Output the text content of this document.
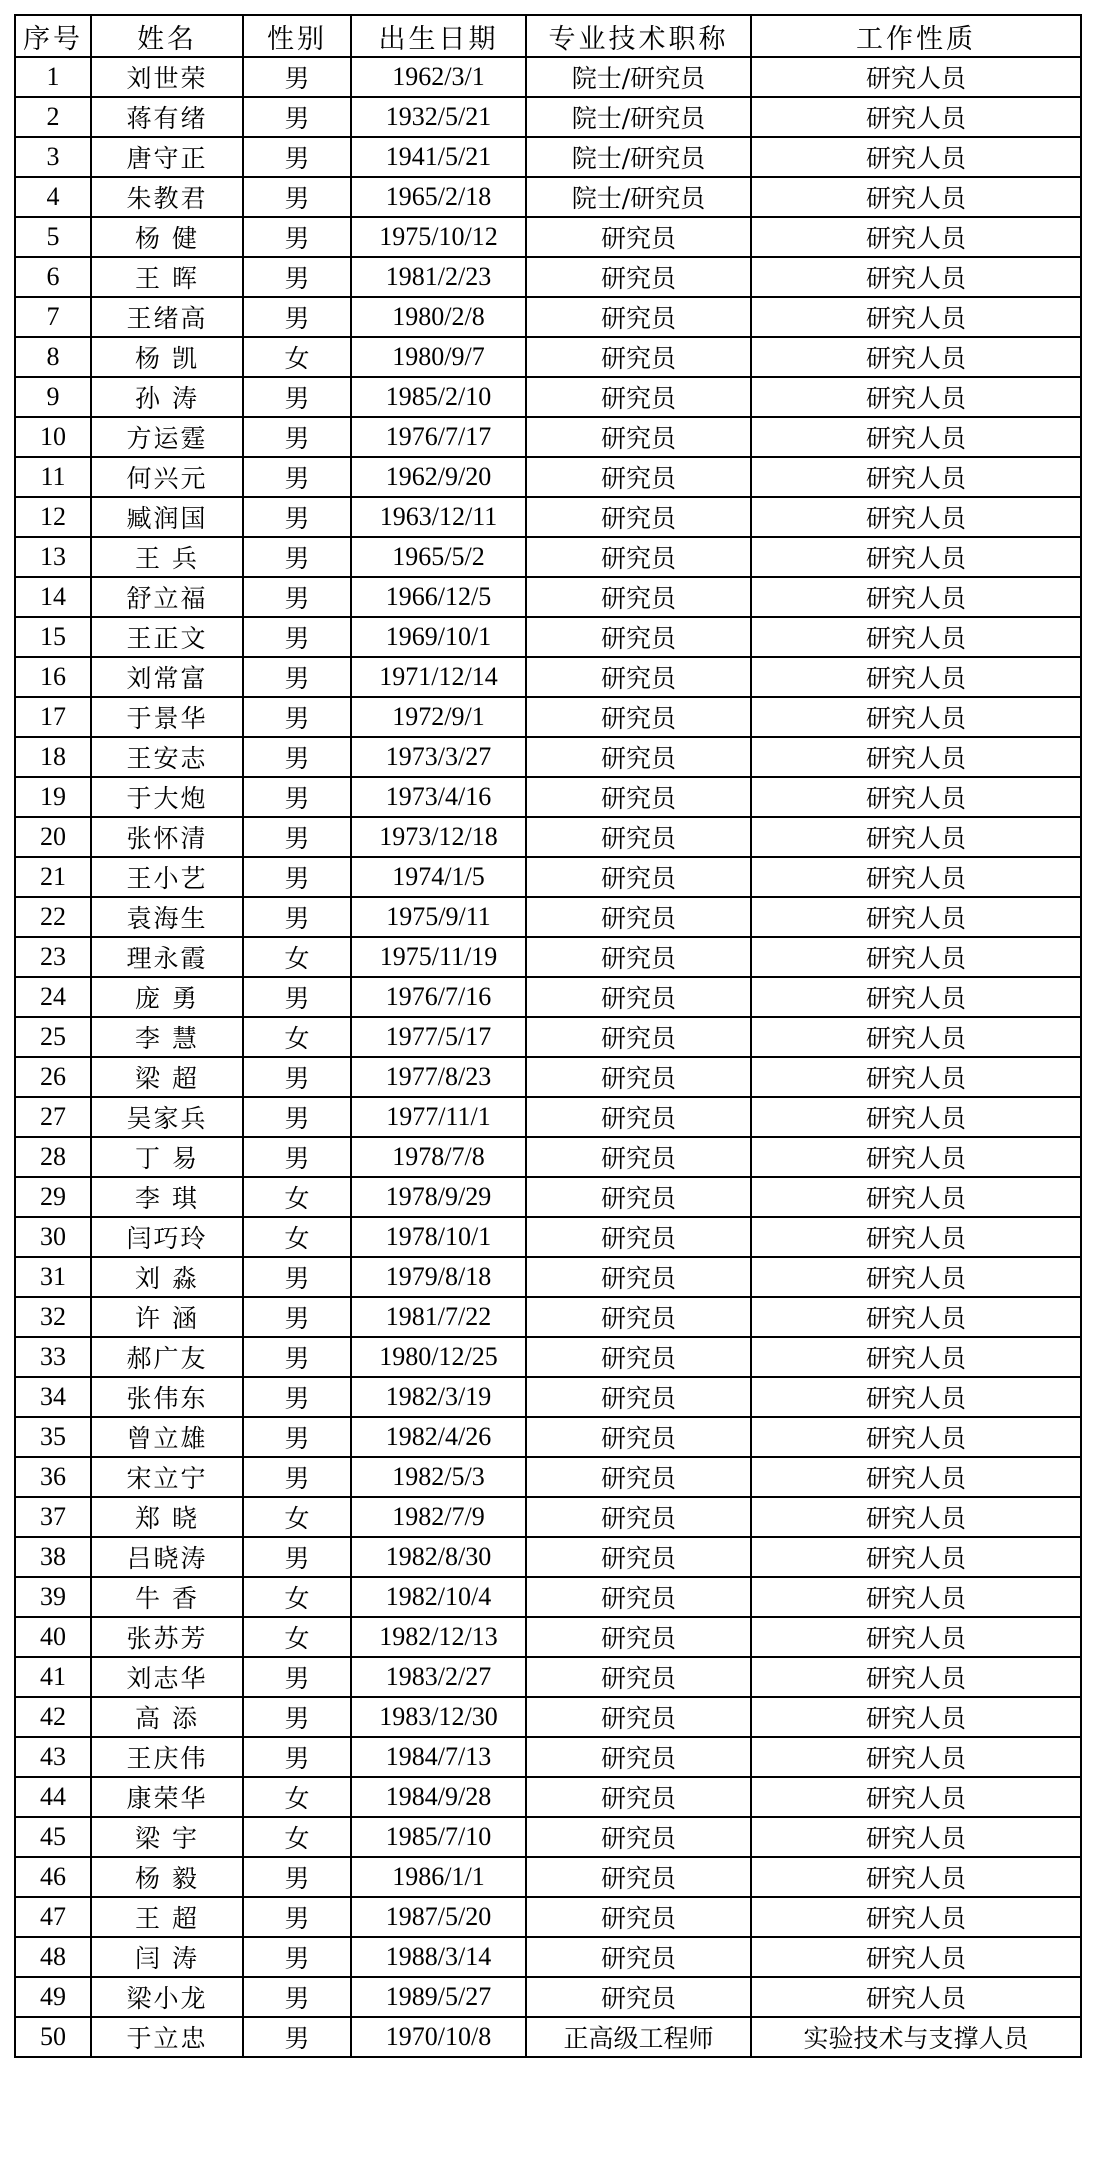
序号	姓名	性别	出生日期	专业技术职称	工作性质
1	刘世荣	男	1962/3/1	院士/研究员	研究人员
2	蒋有绪	男	1932/5/21	院士/研究员	研究人员
3	唐守正	男	1941/5/21	院士/研究员	研究人员
4	朱教君	男	1965/2/18	院士/研究员	研究人员
5	杨 健	男	1975/10/12	研究员	研究人员
6	王 晖	男	1981/2/23	研究员	研究人员
7	王绪高	男	1980/2/8	研究员	研究人员
8	杨 凯	女	1980/9/7	研究员	研究人员
9	孙 涛	男	1985/2/10	研究员	研究人员
10	方运霆	男	1976/7/17	研究员	研究人员
11	何兴元	男	1962/9/20	研究员	研究人员
12	臧润国	男	1963/12/11	研究员	研究人员
13	王 兵	男	1965/5/2	研究员	研究人员
14	舒立福	男	1966/12/5	研究员	研究人员
15	王正文	男	1969/10/1	研究员	研究人员
16	刘常富	男	1971/12/14	研究员	研究人员
17	于景华	男	1972/9/1	研究员	研究人员
18	王安志	男	1973/3/27	研究员	研究人员
19	于大炮	男	1973/4/16	研究员	研究人员
20	张怀清	男	1973/12/18	研究员	研究人员
21	王小艺	男	1974/1/5	研究员	研究人员
22	袁海生	男	1975/9/11	研究员	研究人员
23	理永霞	女	1975/11/19	研究员	研究人员
24	庞 勇	男	1976/7/16	研究员	研究人员
25	李 慧	女	1977/5/17	研究员	研究人员
26	梁 超	男	1977/8/23	研究员	研究人员
27	吴家兵	男	1977/11/1	研究员	研究人员
28	丁 易	男	1978/7/8	研究员	研究人员
29	李 琪	女	1978/9/29	研究员	研究人员
30	闫巧玲	女	1978/10/1	研究员	研究人员
31	刘 淼	男	1979/8/18	研究员	研究人员
32	许 涵	男	1981/7/22	研究员	研究人员
33	郝广友	男	1980/12/25	研究员	研究人员
34	张伟东	男	1982/3/19	研究员	研究人员
35	曾立雄	男	1982/4/26	研究员	研究人员
36	宋立宁	男	1982/5/3	研究员	研究人员
37	郑 晓	女	1982/7/9	研究员	研究人员
38	吕晓涛	男	1982/8/30	研究员	研究人员
39	牛 香	女	1982/10/4	研究员	研究人员
40	张苏芳	女	1982/12/13	研究员	研究人员
41	刘志华	男	1983/2/27	研究员	研究人员
42	高 添	男	1983/12/30	研究员	研究人员
43	王庆伟	男	1984/7/13	研究员	研究人员
44	康荣华	女	1984/9/28	研究员	研究人员
45	梁 宇	女	1985/7/10	研究员	研究人员
46	杨 毅	男	1986/1/1	研究员	研究人员
47	王 超	男	1987/5/20	研究员	研究人员
48	闫 涛	男	1988/3/14	研究员	研究人员
49	梁小龙	男	1989/5/27	研究员	研究人员
50	于立忠	男	1970/10/8	正高级工程师	实验技术与支撑人员
